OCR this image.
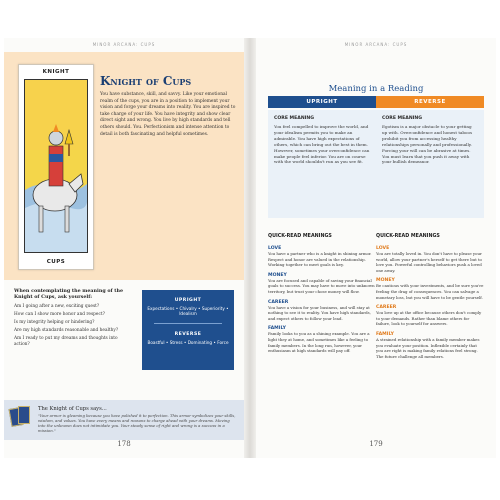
MINOR ARCANA: CUPS
KNIGHT
CUPS
Knight of Cups
You have substance, skill, and savvy. Like your emotional realm of the cups, you are in a position to implement your vision and forge your dreams into reality. You are inspired to take charge of your life. You have integrity and show clear direct sight and wrong. You live by high standards and tell others should. You. Perfectionism and intense attention to detail is both fascinating and helpful sometimes.
When contemplating the meaning of the Knight of Cups, ask yourself:
Am I going after a new, exciting quest?
How can I show more honor and respect?
Is my integrity helping or hindering?
Are my high standards reasonable and healthy?
Am I ready to put my dreams and thoughts into action?
UPRIGHT
Expectations • Chivalry • Superiority • Idealism
REVERSE
Boastful • Stress • Dominating • Force
The Knight of Cups says...
"Your armor is gleaming because you have polished it to perfection. This armor symbolizes your skills, wisdom, and values. You have every means and reasons to charge ahead with your dreams. Moving into the unknown does not intimidate you. Your steady sense of right and wrong is a success in a mission."
178
MINOR ARCANA: CUPS
Meaning in a Reading
UPRIGHT	REVERSE
CORE MEANING
You feel compelled to improve the world, and your idealism permits you to make an admirable. You have high expectations of others, which can bring out the best in them. However, sometimes your overconfidence can make people feel inferior. You are on course with the world shouldn't run as you see fit.
CORE MEANING
Egotism is a major obstacle to your getting up with. Overconfidence and honest taboos prohibit you from accessing healthy relationships personally and professionally. Forcing your will can be abrasive at times. You must learn that you push it away with your bullish demeanor.
QUICK-READ MEANINGS	QUICK-READ MEANINGS
LOVE
You have a partner who is a knight in shining armor. Respect and honor are valued in the relationship. Working together to meet goals is key.
MONEY
You are focused and capable of saving your financial goals to success. You may have to move into unknown territory, but trust your chose money will flow.
CAREER
You have a vision for your business, and will stay at nothing to see it to reality. You have high standards, and expect others to follow your lead.
FAMILY
Family looks to you as a shining example. You are a light they at home, and sometimes like a feeling to family members. In the long run, however, your enthusiasm at high standards will pay off.
LOVE
You are totally loved in. You don't have to please your world, allow your partner's herself to get there but to love you. Powerful controlling behaviors push a loved one away.
MONEY
Be cautious with your investments, and be sure you're feeling the drag of consequences. You can salvage a monetary loss, but you will have to be gentle yourself.
CAREER
You love up at the office because others don't comply to your demands. Rather than blame others for failure, look to yourself for answers.
FAMILY
A strained relationship with a family member makes you evaluate your position. Inflexible certainly that you are right is making family relations feel strong. The future challenge all members.
179
